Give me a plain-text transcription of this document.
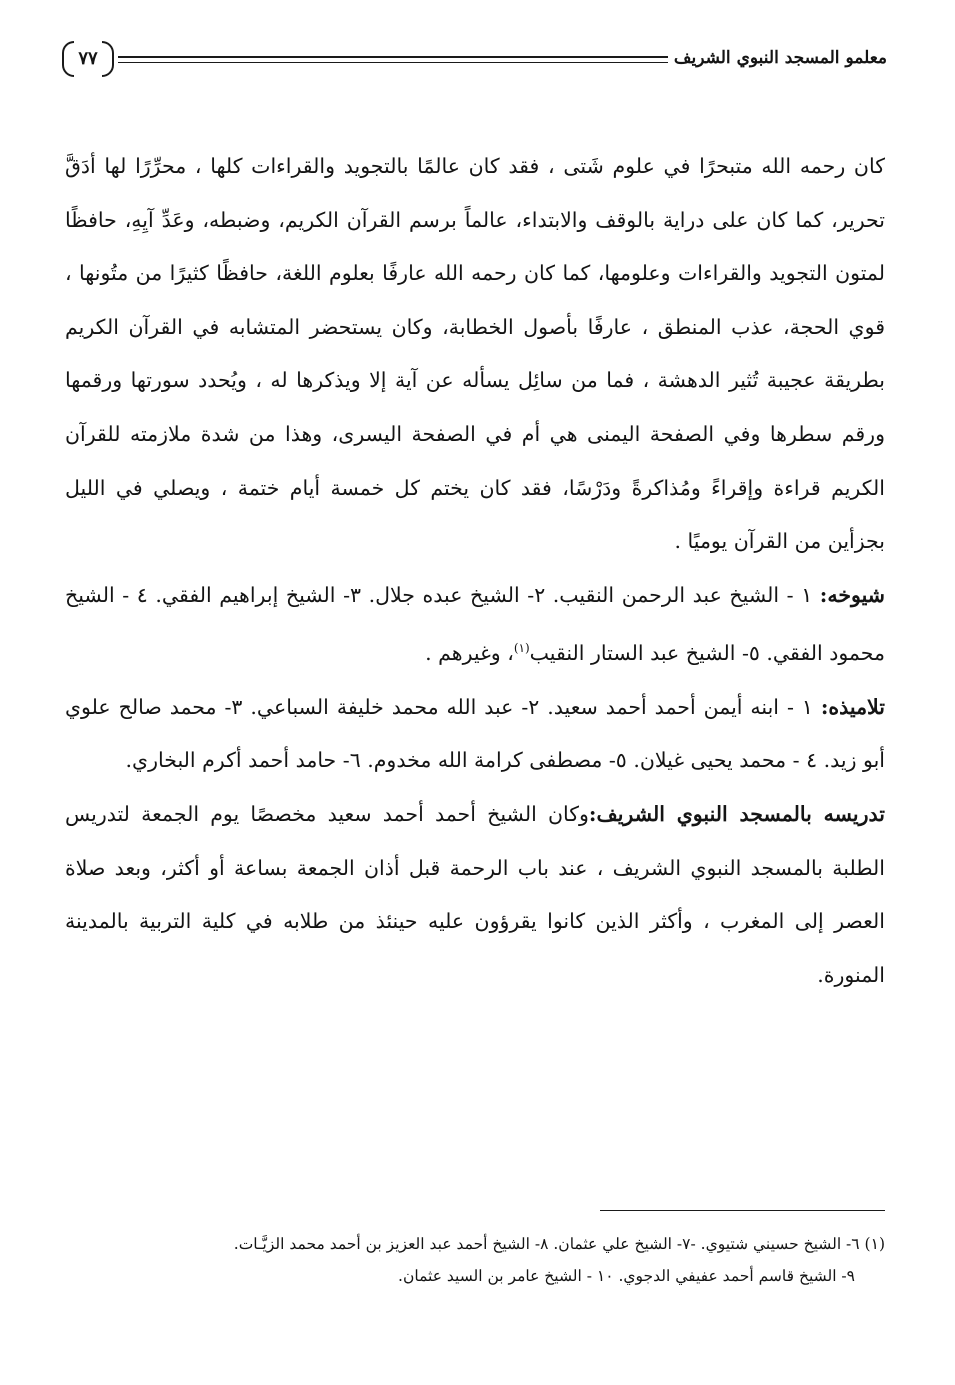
معلمو المسجد النبوي الشريف
٧٧

كان رحمه الله متبحرًا في علوم شَتى ، فقد كان عالمًا بالتجويد والقراءات كلها ، محرِّرًا لها أدَقَّ تحرير، كما كان على دراية بالوقف والابتداء، عالماً برسم القرآن الكريم، وضبطه، وعَدِّ آيِهِ، حافظًا لمتون التجويد والقراءات وعلومها، كما كان رحمه الله عارفًا بعلوم اللغة، حافظًا كثيرًا من متُونها ، قوي الحجة، عذب المنطق ، عارفًا بأصول الخطابة، وكان يستحضر المتشابه في القرآن الكريم بطريقة عجيبة تُثير الدهشة ، فما من سائِل يسأله عن آية إلا ويذكرها له ، ويُحدد سورتها ورقمها ورقم سطرها وفي الصفحة اليمنى هي أم في الصفحة اليسرى، وهذا من شدة ملازمته للقرآن الكريم قراءة وإقراءً ومُذاكرةً ودَرْسًا، فقد كان يختم كل خمسة أيام ختمة ، ويصلي في الليل بجزأين من القرآن يوميًا .

شيوخه: ١ - الشيخ عبد الرحمن النقيب. ٢- الشيخ عبده جلال. ٣- الشيخ إبراهيم الفقي. ٤ - الشيخ محمود الفقي. ٥- الشيخ عبد الستار النقيب$^{(١)}$، وغيرهم .

تلاميذه: ١ - ابنه أيمن أحمد أحمد سعيد. ٢- عبد الله محمد خليفة السباعي. ٣- محمد صالح علوي أبو زيد. ٤ - محمد يحيى غيلان. ٥- مصطفى كرامة الله مخدوم. ٦- حامد أحمد أكرم البخاري.

تدريسه بالمسجد النبوي الشريف:وكان الشيخ أحمد أحمد سعيد مخصصًا يوم الجمعة لتدريس الطلبة بالمسجد النبوي الشريف ، عند باب الرحمة قبل أذان الجمعة بساعة أو أكثر، وبعد صلاة العصر إلى المغرب ، وأكثر الذين كانوا يقرؤون عليه حينئذ من طلابه في كلية التربية بالمدينة المنورة.

(١) ٦- الشيخ حسيني شتيوي. -٧- الشيخ علي عثمان. ٨- الشيخ أحمد عبد العزيز بن أحمد محمد الزيَّـات.

٩- الشيخ قاسم أحمد عفيفي الدجوي. ١٠ - الشيخ عامر بن السيد عثمان.
